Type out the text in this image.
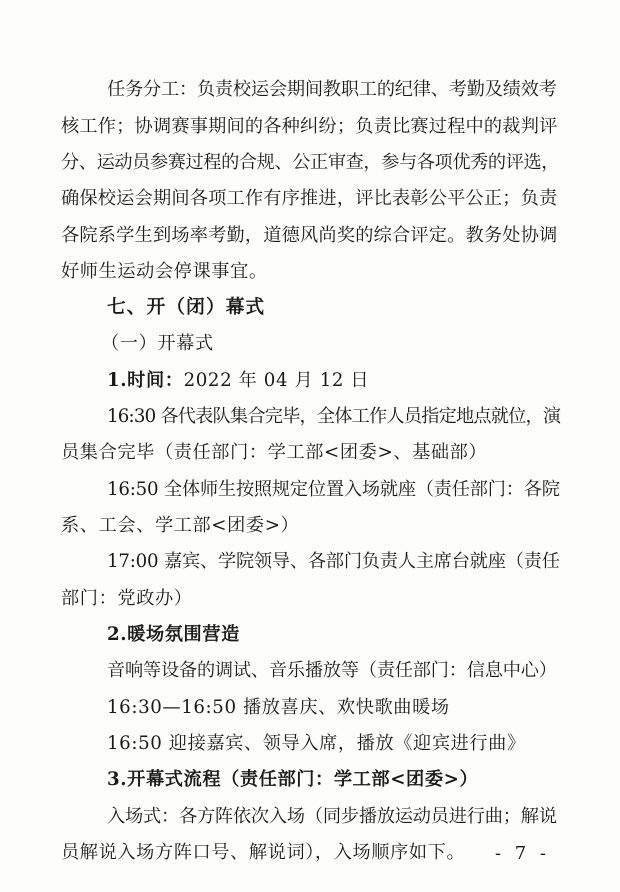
任务分工：负责校运会期间教职工的纪律、考勤及绩效考
核工作；协调赛事期间的各种纠纷；负责比赛过程中的裁判评
分、运动员参赛过程的合规、公正审查，参与各项优秀的评选，
确保校运会期间各项工作有序推进，评比表彰公平公正；负责
各院系学生到场率考勤，道德风尚奖的综合评定。教务处协调
好师生运动会停课事宜。
七、开（闭）幕式
（一）开幕式
1.时间：2022 年 04 月 12 日
16:30 各代表队集合完毕，全体工作人员指定地点就位，演
员集合完毕（责任部门：学工部<团委>、基础部）
16:50 全体师生按照规定位置入场就座（责任部门：各院
系、工会、学工部<团委>）
17:00 嘉宾、学院领导、各部门负责人主席台就座（责任
部门：党政办）
2.暖场氛围营造
音响等设备的调试、音乐播放等（责任部门：信息中心）
16:30—16:50 播放喜庆、欢快歌曲暖场
16:50 迎接嘉宾、领导入席，播放《迎宾进行曲》
3.开幕式流程（责任部门：学工部<团委>）
入场式：各方阵依次入场（同步播放运动员进行曲；解说
员解说入场方阵口号、解说词），入场顺序如下。 - 7 -
